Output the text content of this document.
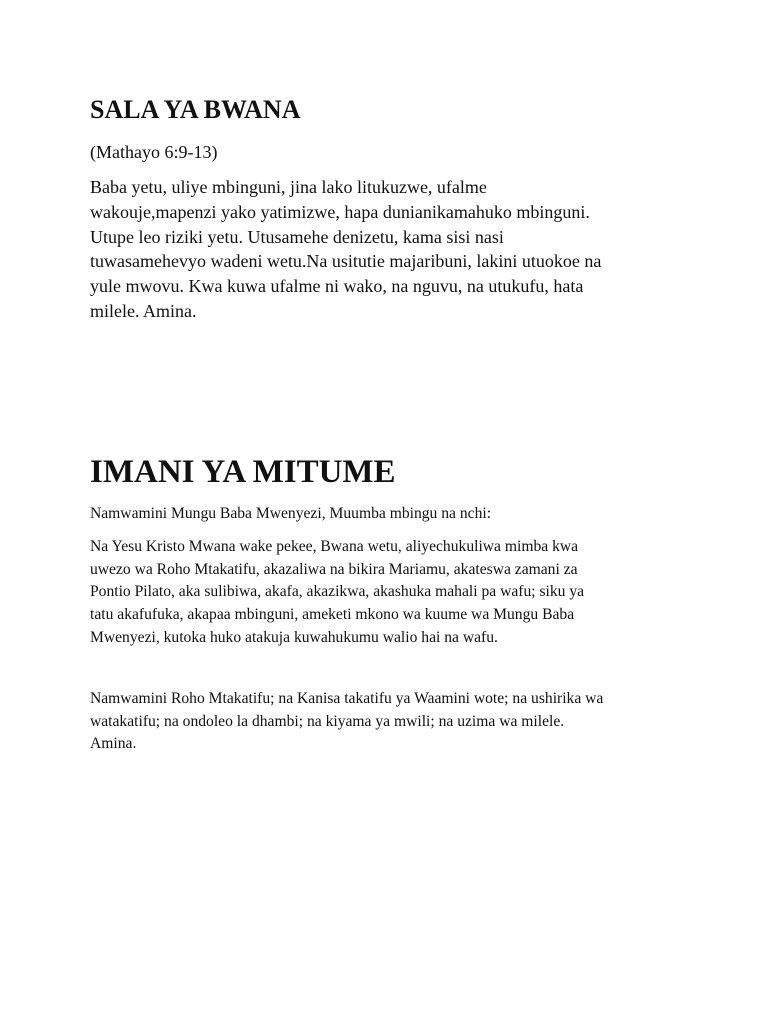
SALA YA BWANA
(Mathayo 6:9-13)

Baba yetu, uliye mbinguni, jina lako litukuzwe, ufalme
wakouje,mapenzi yako yatimizwe, hapa dunianikamahuko mbinguni.
Utupe leo riziki yetu. Utusamehe denizetu, kama sisi nasi
tuwasamehevyo wadeni wetu.Na usitutie majaribuni, lakini utuokoe na
yule mwovu. Kwa kuwa ufalme ni wako, na nguvu, na utukufu, hata
milele. Amina.

IMANI YA MITUME

Namwamini Mungu Baba Mwenyezi, Muumba mbingu na nchi:

Na Yesu Kristo Mwana wake pekee, Bwana wetu, aliyechukuliwa mimba kwa
uwezo wa Roho Mtakatifu, akazaliwa na bikira Mariamu, akateswa zamani za
Pontio Pilato, aka sulibiwa, akafa, akazikwa, akashuka mahali pa wafu; siku ya
tatu akafufuka, akapaa mbinguni, ameketi mkono wa kuume wa Mungu Baba
Mwenyezi, kutoka huko atakuja kuwahukumu walio hai na wafu.

Namwamini Roho Mtakatifu; na Kanisa takatifu ya Waamini wote; na ushirika wa
watakatifu; na ondoleo la dhambi; na kiyama ya mwili; na uzima wa milele.
Amina.
